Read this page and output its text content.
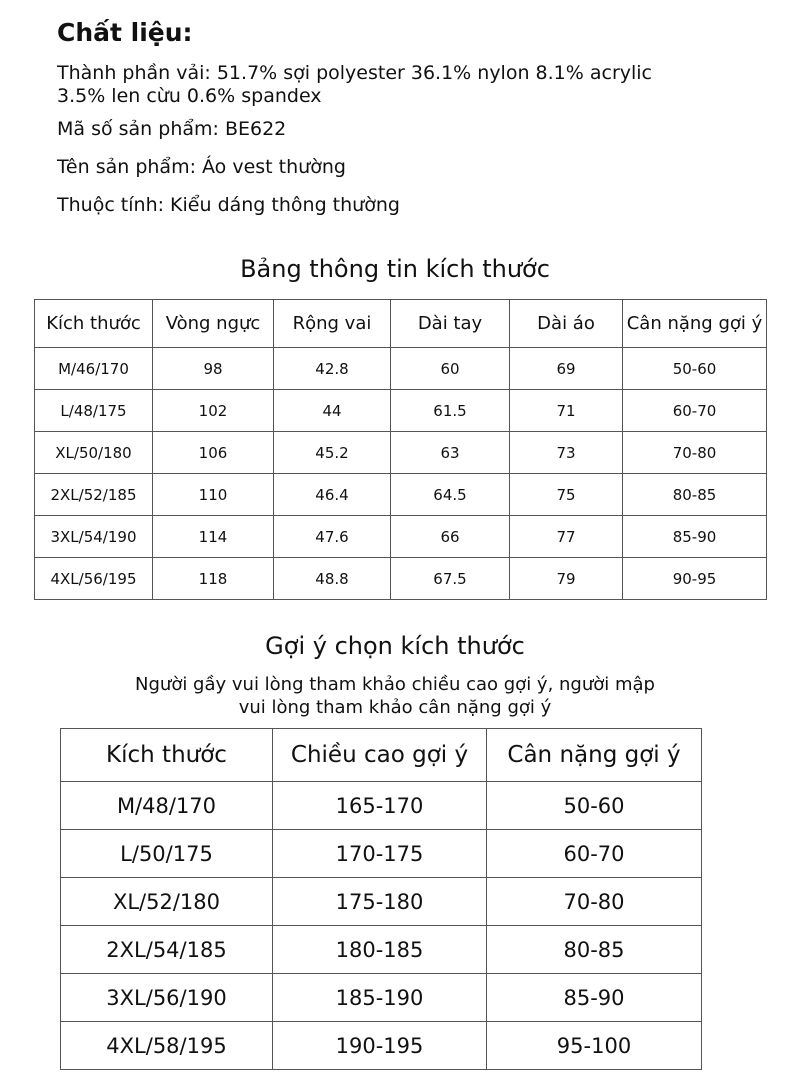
Chất liệu:

Thành phần vải: 51.7% sợi polyester 36.1% nylon 8.1% acrylic

3.5% len cừu 0.6% spandex

Mã số sản phẩm: BE622

Tên sản phẩm: Áo vest thường

Thuộc tính: Kiểu dáng thông thường

Bảng thông tin kích thước
Kích thước	Vòng ngực	Rộng vai	Dài tay	Dài áo	Cân nặng gợi ý
M/46/170	98	42.8	60	69	50-60
L/48/175	102	44	61.5	71	60-70
XL/50/180	106	45.2	63	73	70-80
2XL/52/185	110	46.4	64.5	75	80-85
3XL/54/190	114	47.6	66	77	85-90
4XL/56/195	118	48.8	67.5	79	90-95
Gợi ý chọn kích thước
Người gầy vui lòng tham khảo chiều cao gợi ý, người mập
vui lòng tham khảo cân nặng gợi ý
Kích thước	Chiều cao gợi ý	Cân nặng gợi ý
M/48/170	165-170	50-60
L/50/175	170-175	60-70
XL/52/180	175-180	70-80
2XL/54/185	180-185	80-85
3XL/56/190	185-190	85-90
4XL/58/195	190-195	95-100
